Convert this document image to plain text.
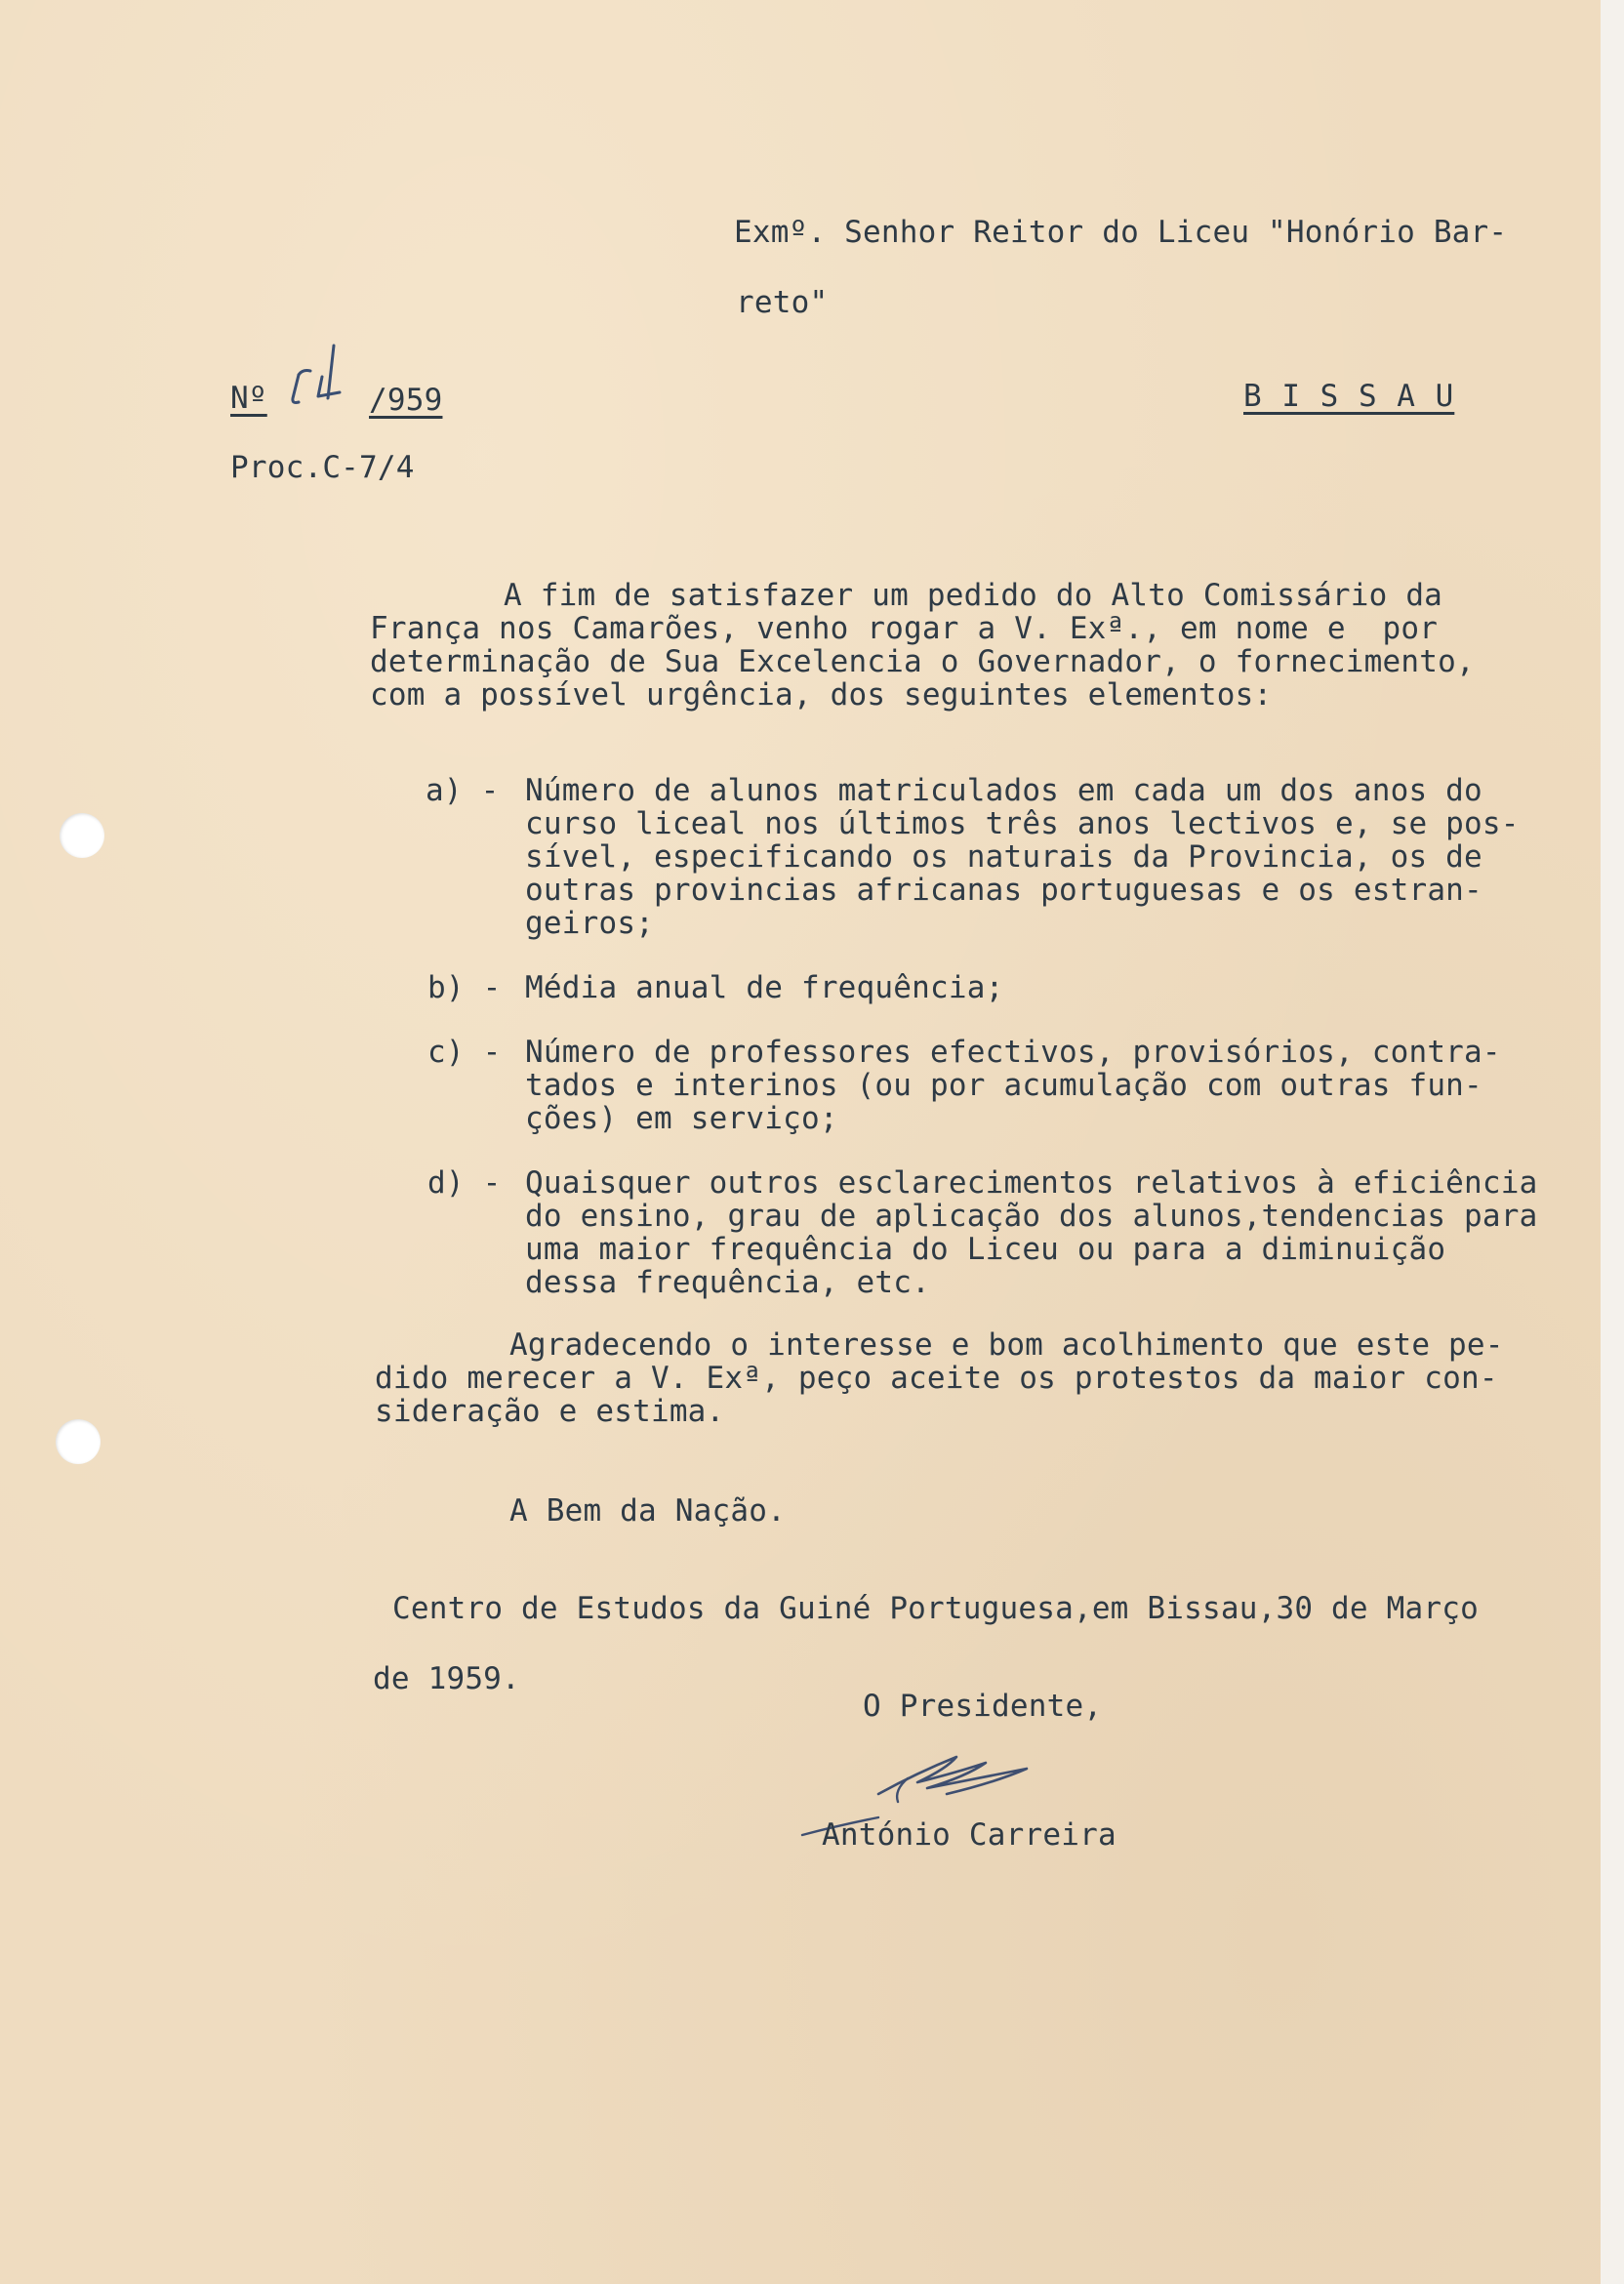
Exmº. Senhor Reitor do Liceu "Honório Bar-
reto"
Nº	/959
Proc.C-7/4
B I S S A U
A fim de satisfazer um pedido do Alto Comissário da
França nos Camarões, venho rogar a V. Exª., em nome e  por
determinação de Sua Excelencia o Governador, o fornecimento,
com a possível urgência, dos seguintes elementos:
a) - Número de alunos matriculados em cada um dos anos do
curso liceal nos últimos três anos lectivos e, se pos-
sível, especificando os naturais da Provincia, os de
outras provincias africanas portuguesas e os estran-
geiros;
b) - Média anual de frequência;
c) - Número de professores efectivos, provisórios, contra-
tados e interinos (ou por acumulação com outras fun-
ções) em serviço;
d) - Quaisquer outros esclarecimentos relativos à eficiência
do ensino, grau de aplicação dos alunos,tendencias para
uma maior frequência do Liceu ou para a diminuição
dessa frequência, etc.
Agradecendo o interesse e bom acolhimento que este pe-
dido merecer a V. Exª, peço aceite os protestos da maior con-
sideração e estima.
A Bem da Nação.
Centro de Estudos da Guiné Portuguesa,em Bissau,30 de Março
de 1959.
O Presidente,
António Carreira
